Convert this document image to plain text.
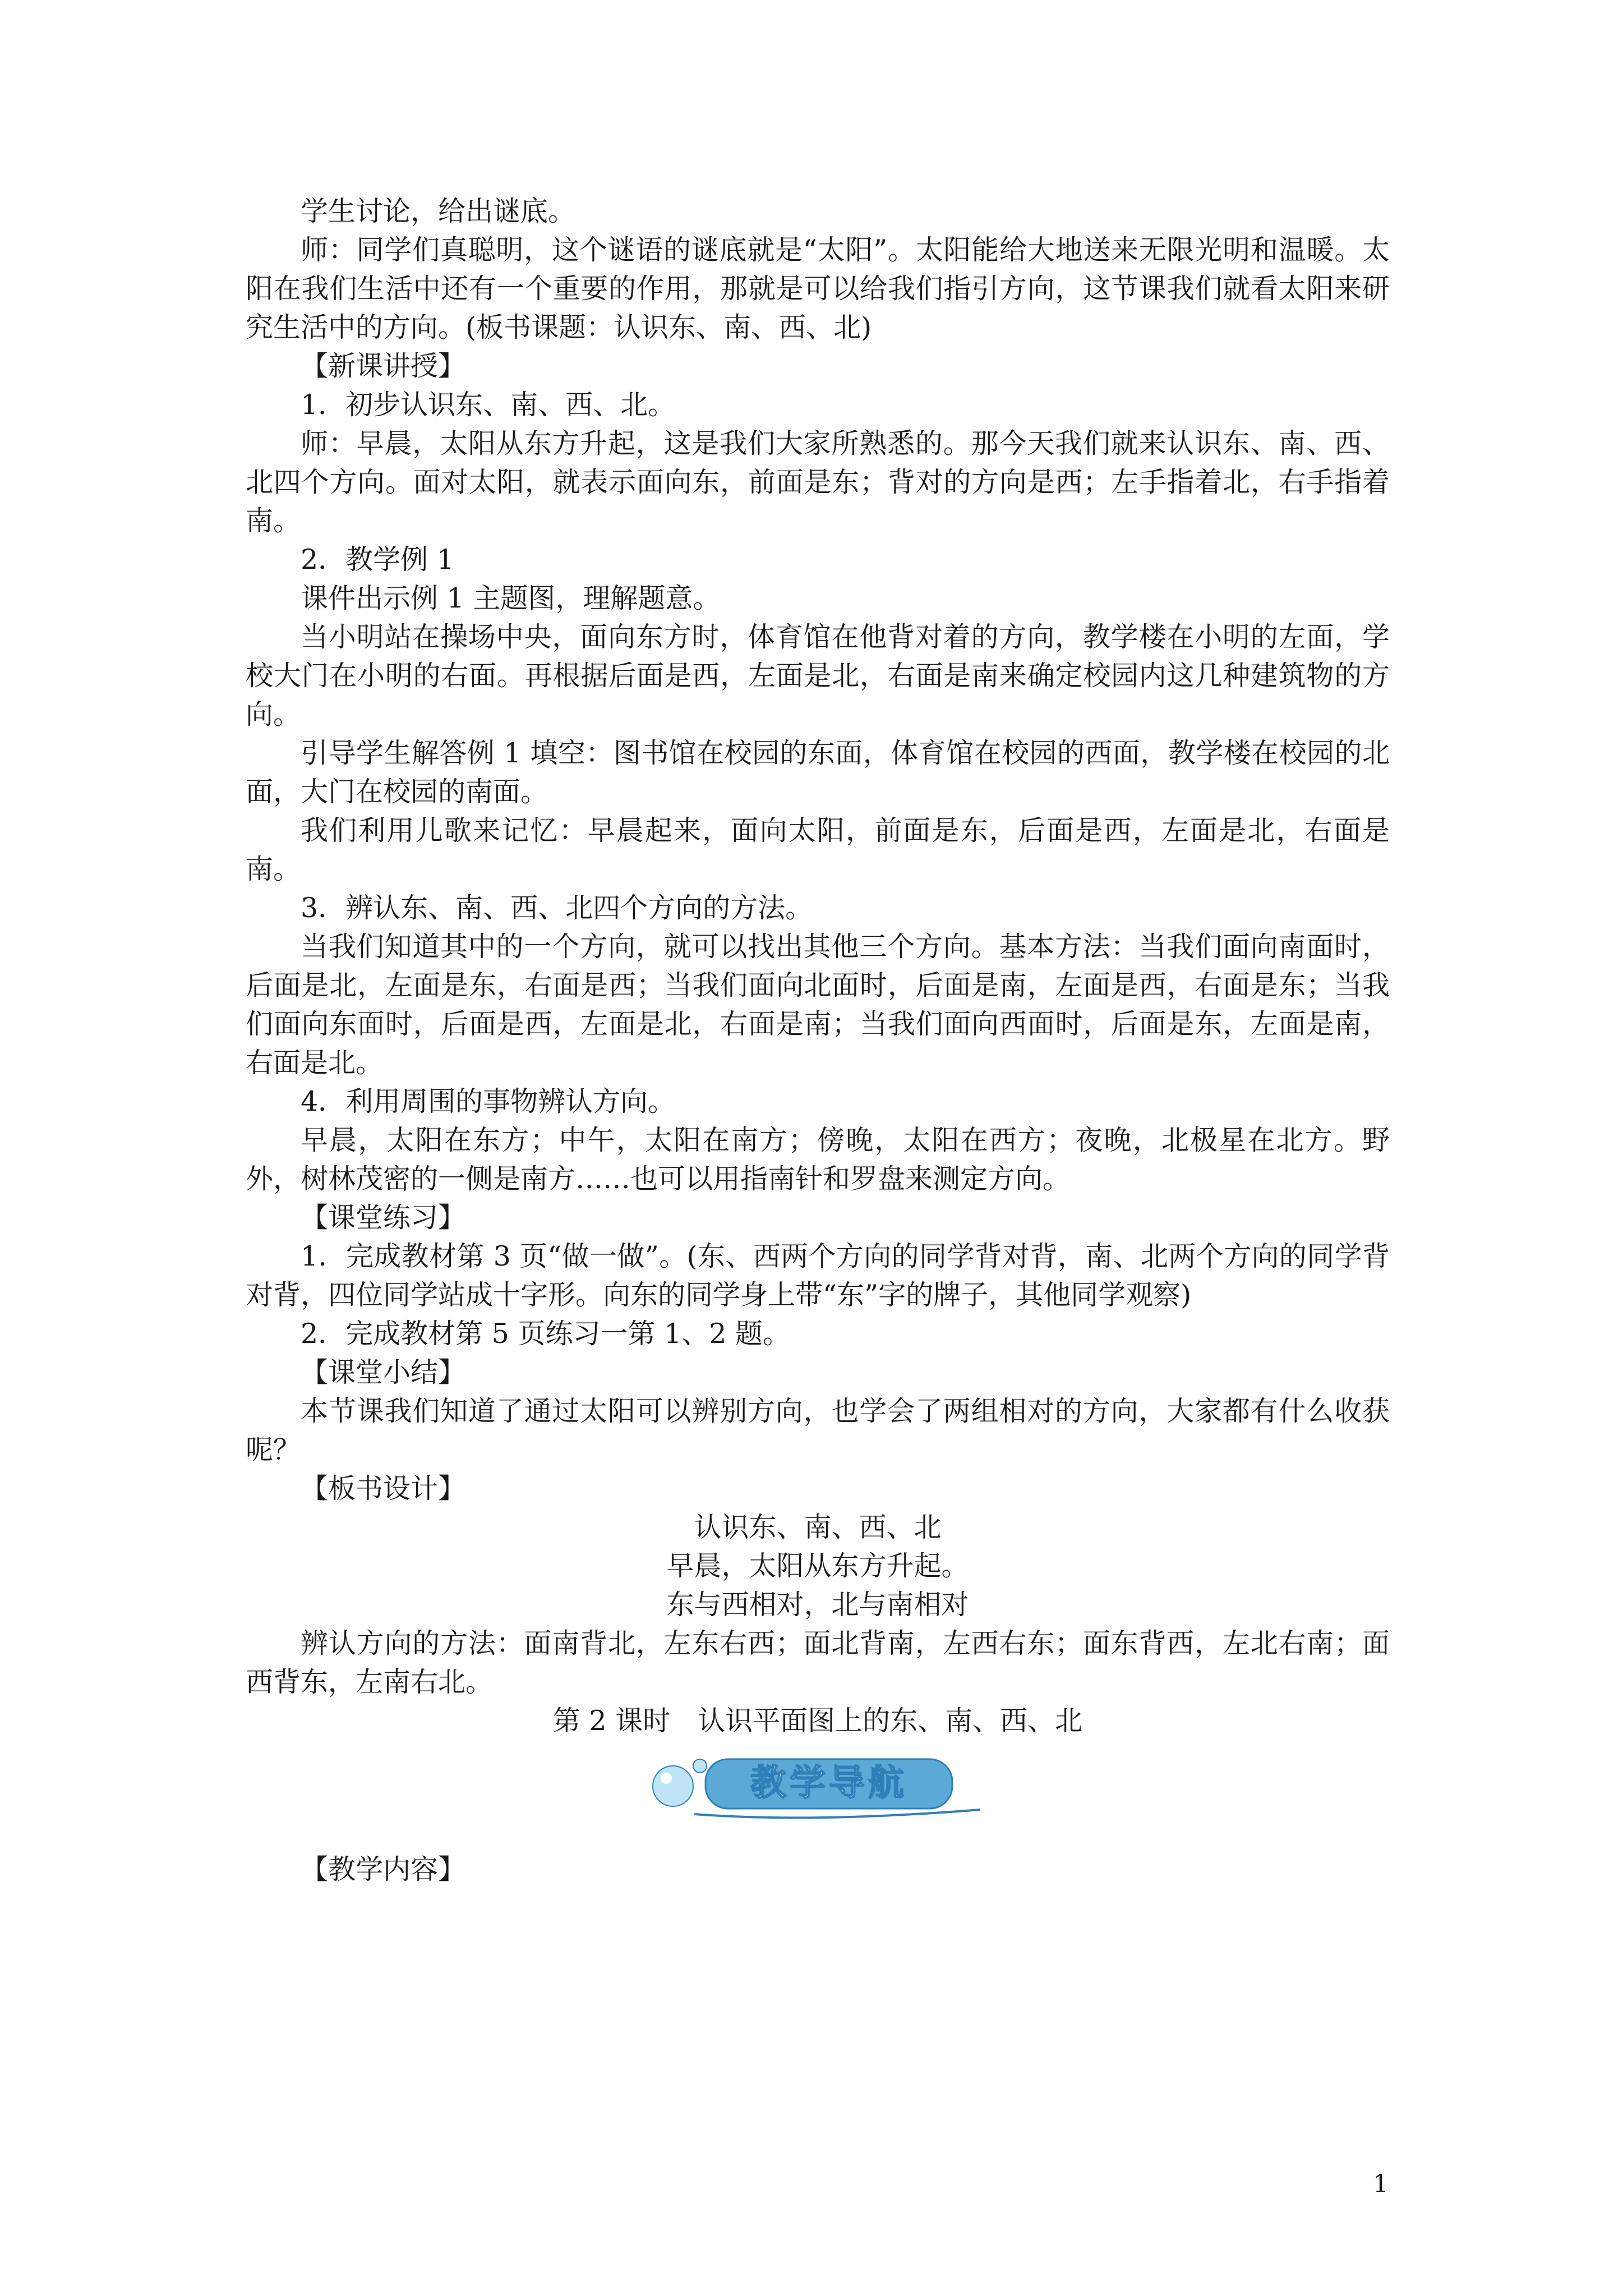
学生讨论，给出谜底。

师：同学们真聪明，这个谜语的谜底就是“太阳”。太阳能给大地送来无限光明和温暖。太阳在我们生活中还有一个重要的作用，那就是可以给我们指引方向，这节课我们就看太阳来研究生活中的方向。(板书课题：认识东、南、西、北)

【新课讲授】

1．初步认识东、南、西、北。

师：早晨，太阳从东方升起，这是我们大家所熟悉的。那今天我们就来认识东、南、西、北四个方向。面对太阳，就表示面向东，前面是东；背对的方向是西；左手指着北，右手指着南。

2．教学例 1

课件出示例 1 主题图，理解题意。

当小明站在操场中央，面向东方时，体育馆在他背对着的方向，教学楼在小明的左面，学校大门在小明的右面。再根据后面是西，左面是北，右面是南来确定校园内这几种建筑物的方向。

引导学生解答例 1 填空：图书馆在校园的东面，体育馆在校园的西面，教学楼在校园的北面，大门在校园的南面。

我们利用儿歌来记忆：早晨起来，面向太阳，前面是东，后面是西，左面是北，右面是南。

3．辨认东、南、西、北四个方向的方法。

当我们知道其中的一个方向，就可以找出其他三个方向。基本方法：当我们面向南面时，后面是北，左面是东，右面是西；当我们面向北面时，后面是南，左面是西，右面是东；当我们面向东面时，后面是西，左面是北，右面是南；当我们面向西面时，后面是东，左面是南，右面是北。

4．利用周围的事物辨认方向。

早晨，太阳在东方；中午，太阳在南方；傍晚，太阳在西方；夜晚，北极星在北方。野外，树林茂密的一侧是南方……也可以用指南针和罗盘来测定方向。

【课堂练习】

1．完成教材第 3 页“做一做”。(东、西两个方向的同学背对背，南、北两个方向的同学背对背，四位同学站成十字形。向东的同学身上带“东”字的牌子，其他同学观察)

2．完成教材第 5 页练习一第 1、2 题。

【课堂小结】

本节课我们知道了通过太阳可以辨别方向，也学会了两组相对的方向，大家都有什么收获呢？

【板书设计】

认识东、南、西、北

早晨，太阳从东方升起。

东与西相对，北与南相对

辨认方向的方法：面南背北，左东右西；面北背南，左西右东；面东背西，左北右南；面西背东，左南右北。

第 2 课时　认识平面图上的东、南、西、北

教学导航

【教学内容】

1
